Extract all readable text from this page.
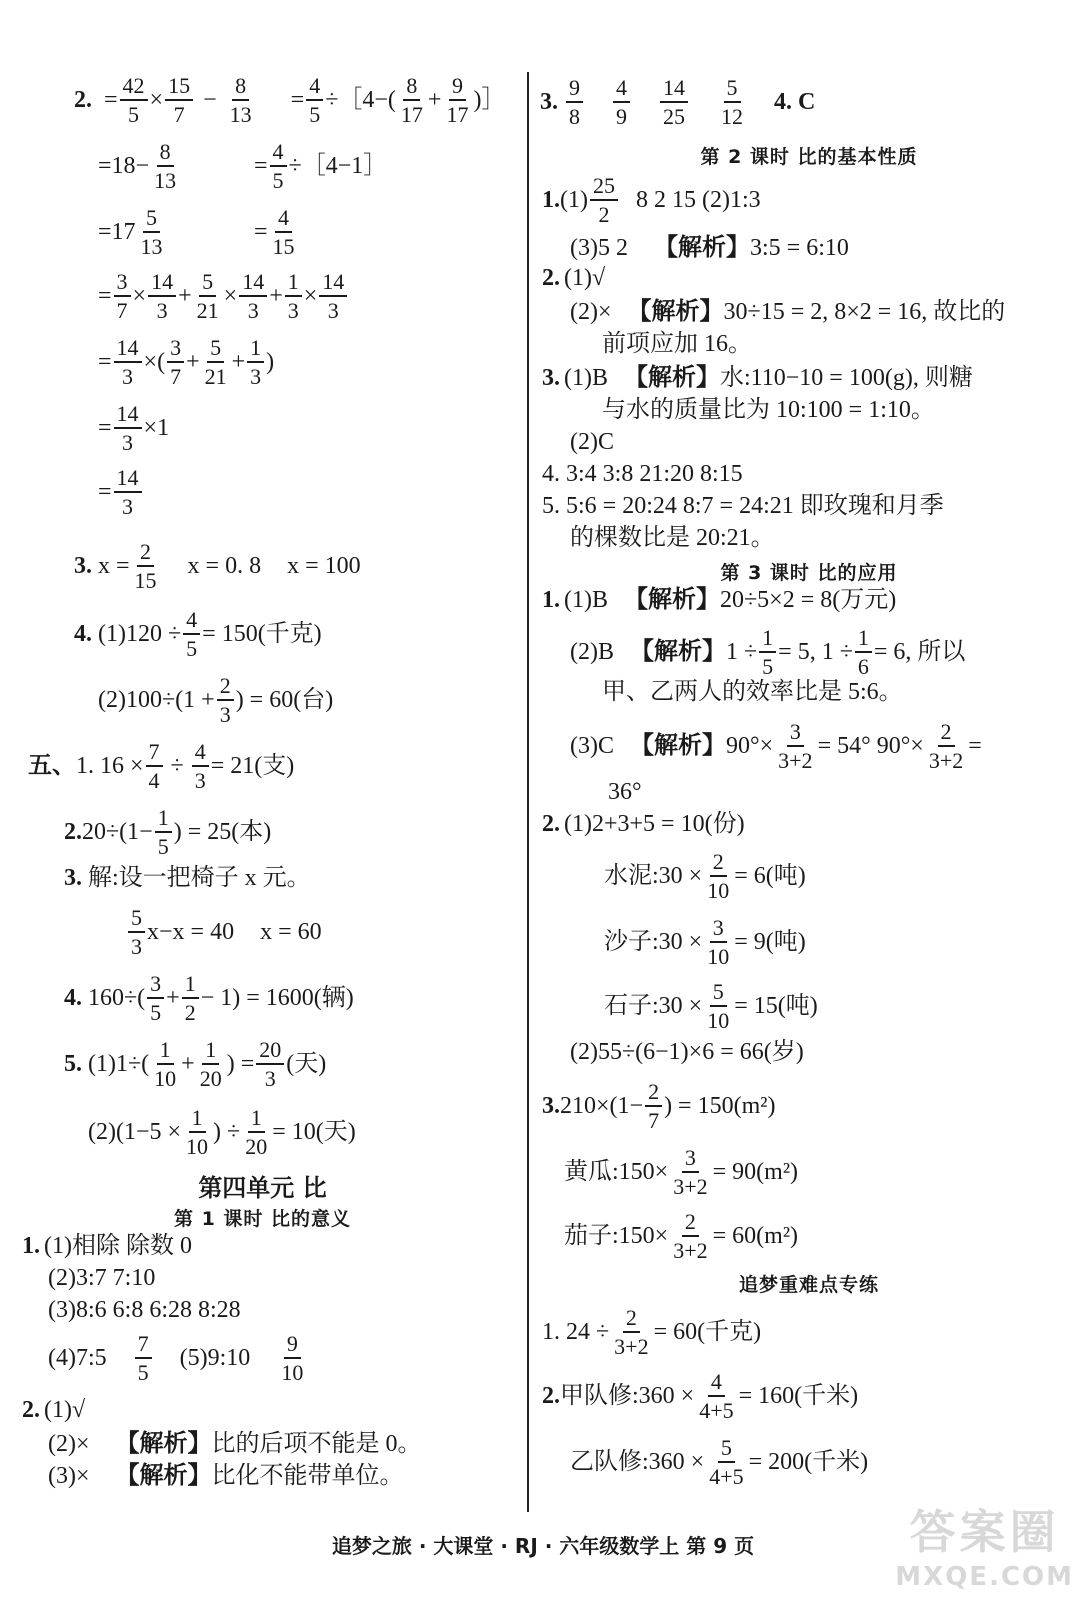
2. = $\frac{42}{5} \times \frac{15}{7} - \frac{8}{13} = \frac{4}{5}$ ÷［4−( $\frac{8}{17} + \frac{9}{17}$ )］
$=18- \frac{8}{13}$	= $\frac{4}{5}$ ÷［4−1］
$=17 \frac{5}{13}$	= $\frac{4}{15}$
= $\frac{3}{7} \times \frac{14}{3} + \frac{5}{21} \times \frac{14}{3} + \frac{1}{3} \times \frac{14}{3}$
= $\frac{14}{3}$ ×( $\frac{3}{7} + \frac{5}{21} + \frac{1}{3}$ )
= $\frac{14}{3} \times 1$
= $\frac{14}{3}$
3. $x = \frac{2}{15}$ x = 0. 8 x = 100
4. $(1)120 \div \frac{4}{5} = 150$(千克)
$(2)100\div(1 + \frac{2}{3}$ ) = 60(台)
五、 1. $16 \times \frac{7}{4} \div \frac{4}{3} = 21$(支)
2. $20\div(1- \frac{1}{5}$ ) = 25(本)
3. 解:设一把椅子 x 元。
$\frac{5}{3} x-x = 40$ x = 60
4. $160\div( \frac{3}{5} + \frac{1}{2} - 1) = 1600$(辆)
5. $(1)1\div( \frac{1}{10} + \frac{1}{20}$ ) = $\frac{20}{3}$ (天)
$(2)(1-5 \times \frac{1}{10}$ ) ÷ $\frac{1}{20} = 10$(天)
第四单元 比
第 1 课时 比的意义
1. (1)相除 除数 0
(2)3:7 7:10
(3)8:6 6:8 6:28 8:28
(4)7:5 $\frac{7}{5}$ (5)9:10 $\frac{9}{10}$
2. (1)√
(2)× 【解析】 比的后项不能是 0。
(3)× 【解析】 比化不能带单位。
3. $\frac{9}{8} \frac{4}{9} \frac{14}{25} \frac{5}{12} 4$. C
第 2 课时 比的基本性质
1. $(1) \frac{25}{2} 8$ 2 15 (2)1:3
(3)5 2 【解析】 3:5 = 6:10
2. (1)√
(2)× 【解析】 30÷15 = 2, 8×2 = 16, 故比的
前项应加 16。
3. (1)B 【解析】 水:110−10 = 100(g), 则糖
与水的质量比为 10:100 = 1:10。
(2)C
4. 3:4 3:8 21:20 8:15
5. 5:6 = 20:24 8:7 = 24:21 即玫瑰和月季
的棵数比是 20:21。
第 3 课时 比的应用
1. (1)B 【解析】 20÷5×2 = 8(万元)
(2)B 【解析】 $1 \div \frac{1}{5} = 5$, $1 \div \frac{1}{6} = 6$, 所以
甲、乙两人的效率比是 5:6。
(3)C 【解析】 $90^\circ\times \frac{3}{3+2} = 54^\circ$ $90^\circ\times \frac{2}{3+2}$ =
36°
2. (1)2+3+5 = 10(份)
水泥:30 × $\frac{2}{10} = 6$(吨)
沙子:30 × $\frac{3}{10} = 9$(吨)
石子:30 × $\frac{5}{10} = 15$(吨)
(2)55÷(6−1)×6 = 66(岁)
3. $210\times(1- \frac{2}{7}$ ) = 150(m²)
黄瓜:150× $\frac{3}{3+2} = 90(m^2)$
茄子:150× $\frac{2}{3+2} = 60(m^2)$
追梦重难点专练
1. $24 \div \frac{2}{3+2} = 60$(千克)
2. 甲队修:360 × $\frac{4}{4+5} = 160$(千米)
乙队修:360 × $\frac{5}{4+5} = 200$(千米)
追梦之旅 · 大课堂 · RJ · 六年级数学上 第 9 页	答案圈
MXQE.COM
